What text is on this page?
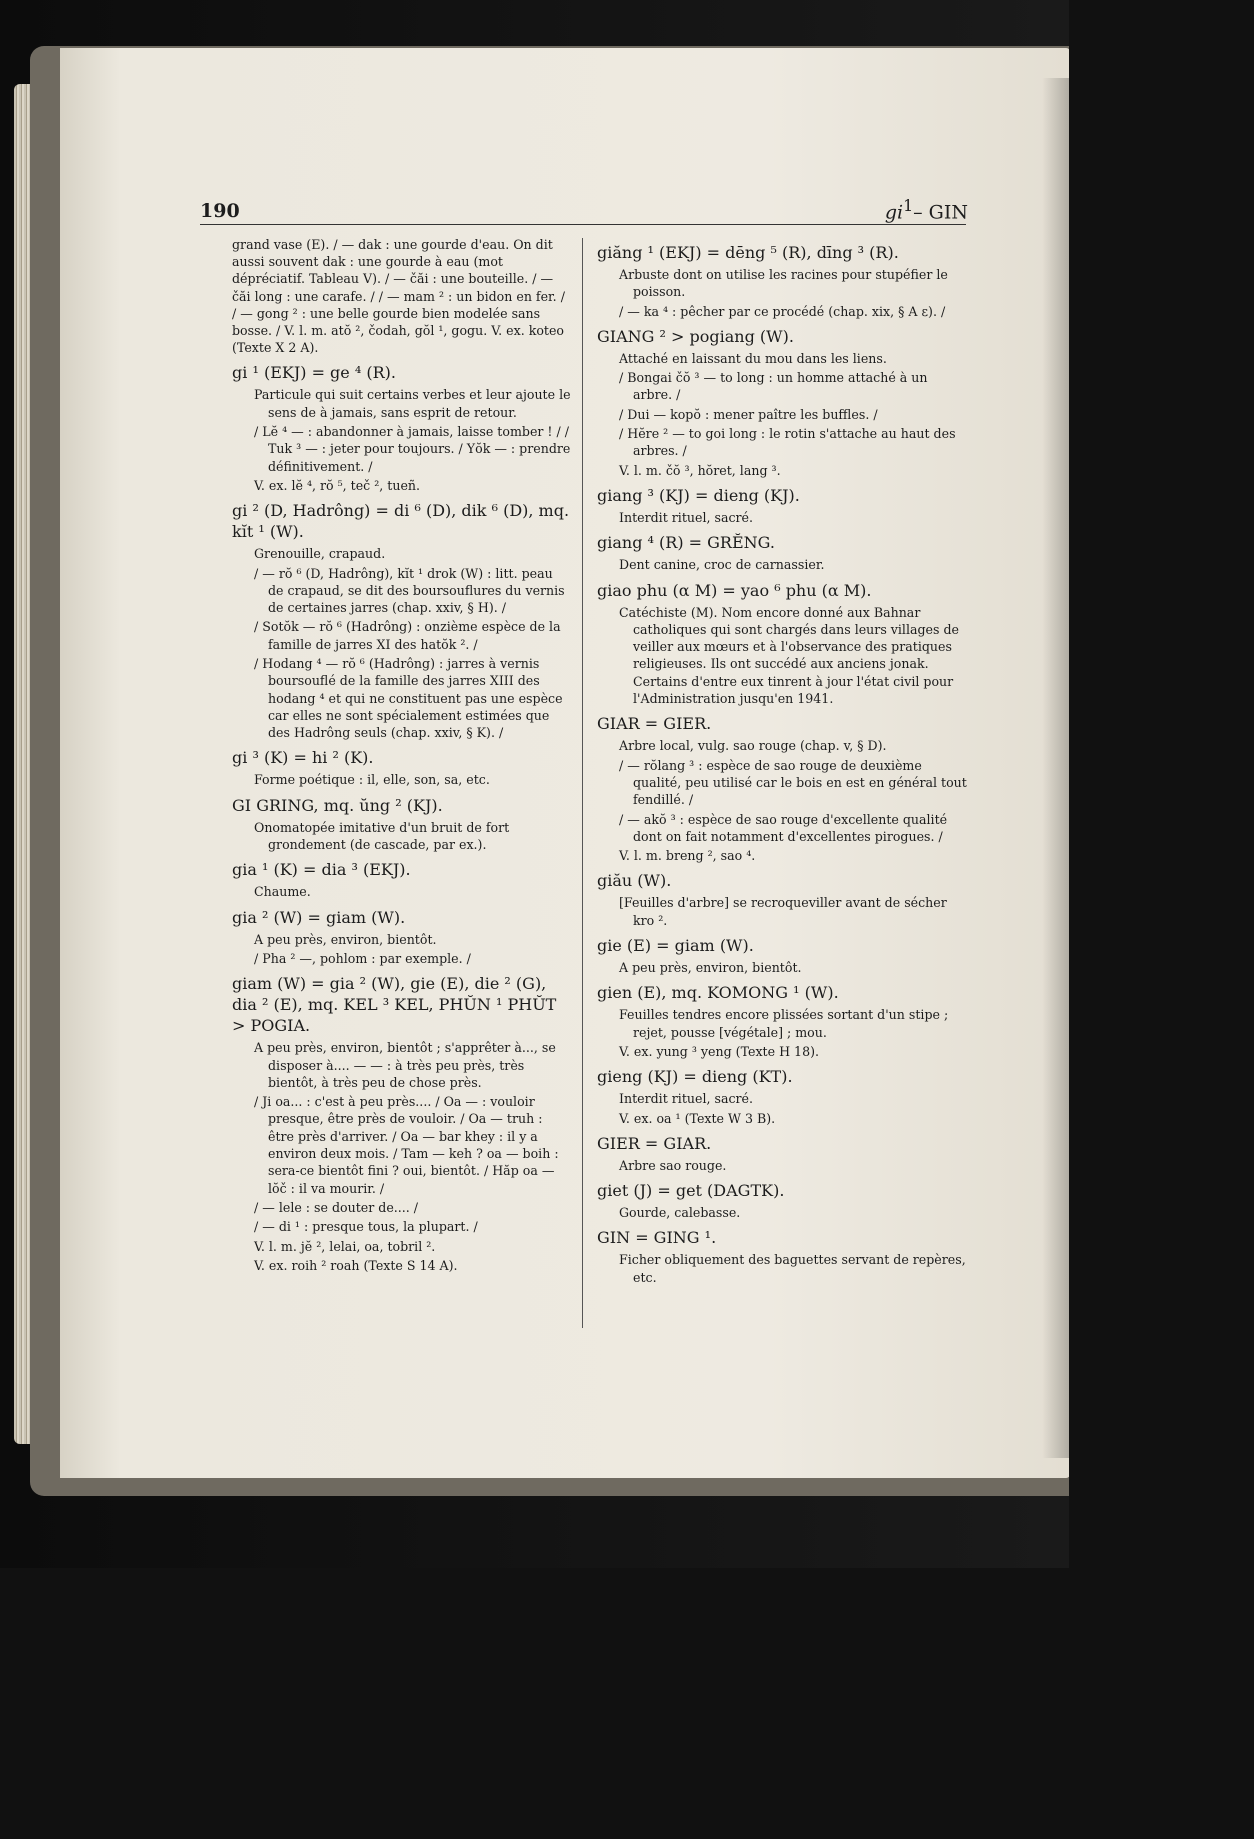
190	$gi^1-$ GIN
grand vase (E). / — dak : une gourde d'eau. On dit aussi souvent dak : une gourde à eau (mot dépréciatif. Tableau V). / — čăi : une bouteille. / — čăi long : une carafe. / / — mam ² : un bidon en fer. / / — gong ² : une belle gourde bien modelée sans bosse. / V. l. m. atŏ ², čodah, gŏl ¹, gogu. V. ex. koteo (Texte X 2 A).
gi ¹ (EKJ) = ge ⁴ (R).
Particule qui suit certains verbes et leur ajoute le sens de à jamais, sans esprit de retour.
/ Lĕ ⁴ — : abandonner à jamais, laisse tomber ! / / Tuk ³ — : jeter pour toujours. / Yŏk — : prendre définitivement. /
V. ex. lĕ ⁴, rŏ ⁵, teč ², tueñ.
gi ² (D, Hadrông) = di ⁶ (D), dik ⁶ (D), mq. kĭt ¹ (W).
Grenouille, crapaud.
/ — rŏ ⁶ (D, Hadrông), kĭt ¹ drok (W) : litt. peau de crapaud, se dit des boursouflures du vernis de certaines jarres (chap. xxiv, § H). /
/ Sotŏk — rŏ ⁶ (Hadrông) : onzième espèce de la famille de jarres XI des hatŏk ². /
/ Hodang ⁴ — rŏ ⁶ (Hadrông) : jarres à vernis boursouflé de la famille des jarres XIII des hodang ⁴ et qui ne constituent pas une espèce car elles ne sont spécialement estimées que des Hadrông seuls (chap. xxiv, § K). /
gi ³ (K) = hi ² (K).
Forme poétique : il, elle, son, sa, etc.
GI GRING, mq. ŭng ² (KJ).
Onomatopée imitative d'un bruit de fort grondement (de cascade, par ex.).
gia ¹ (K) = dia ³ (EKJ).
Chaume.
gia ² (W) = giam (W).
A peu près, environ, bientôt.
/ Pha ² —, pohlom : par exemple. /
giam (W) = gia ² (W), gie (E), die ² (G), dia ² (E), mq. KEL ³ KEL, PHŬN ¹ PHŬT > POGIA.
A peu près, environ, bientôt ; s'apprêter à..., se disposer à.... — — : à très peu près, très bientôt, à très peu de chose près.
/ Ji oa... : c'est à peu près.... / Oa — : vouloir presque, être près de vouloir. / Oa — truh : être près d'arriver. / Oa — bar khey : il y a environ deux mois. / Tam — keh ? oa — boih : sera-ce bientôt fini ? oui, bientôt. / Hăp oa — lŏč : il va mourir. /
/ — lele : se douter de.... /
/ — di ¹ : presque tous, la plupart. /
V. l. m. jĕ ², lelai, oa, tobril ².
V. ex. roih ² roah (Texte S 14 A).
giăng ¹ (EKJ) = dēng ⁵ (R), dīng ³ (R).
Arbuste dont on utilise les racines pour stupéfier le poisson.
/ — ka ⁴ : pêcher par ce procédé (chap. xix, § A ε). /
GIANG ² > pogiang (W).
Attaché en laissant du mou dans les liens.
/ Bongai čŏ ³ — to long : un homme attaché à un arbre. /
/ Dui — kopŏ : mener paître les buffles. /
/ Hĕre ² — to goi long : le rotin s'attache au haut des arbres. /
V. l. m. čŏ ³, hŏret, lang ³.
giang ³ (KJ) = dieng (KJ).
Interdit rituel, sacré.
giang ⁴ (R) = GRĔNG.
Dent canine, croc de carnassier.
giao phu (α M) = yao ⁶ phu (α M).
Catéchiste (M). Nom encore donné aux Bahnar catholiques qui sont chargés dans leurs villages de veiller aux mœurs et à l'observance des pratiques religieuses. Ils ont succédé aux anciens jonak. Certains d'entre eux tinrent à jour l'état civil pour l'Administration jusqu'en 1941.
GIAR = GIER.
Arbre local, vulg. sao rouge (chap. v, § D).
/ — rŏlang ³ : espèce de sao rouge de deuxième qualité, peu utilisé car le bois en est en général tout fendillé. /
/ — akŏ ³ : espèce de sao rouge d'excellente qualité dont on fait notamment d'excellentes pirogues. /
V. l. m. breng ², sao ⁴.
giău (W).
[Feuilles d'arbre] se recroqueviller avant de sécher kro ².
gie (E) = giam (W).
A peu près, environ, bientôt.
gien (E), mq. KOMONG ¹ (W).
Feuilles tendres encore plissées sortant d'un stipe ; rejet, pousse [végétale] ; mou.
V. ex. yung ³ yeng (Texte H 18).
gieng (KJ) = dieng (KT).
Interdit rituel, sacré.
V. ex. oa ¹ (Texte W 3 B).
GIER = GIAR.
Arbre sao rouge.
giet (J) = get (DAGTK).
Gourde, calebasse.
GIN = GING ¹.
Ficher obliquement des baguettes servant de repères, etc.
